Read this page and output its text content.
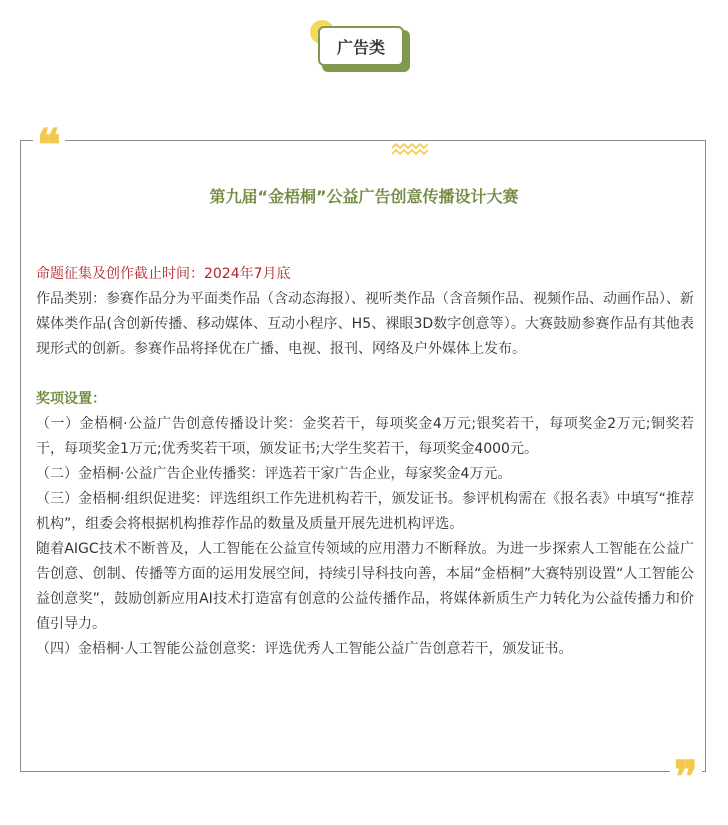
广告类
❝
❞
第九届“金梧桐”公益广告创意传播设计大赛

命题征集及创作截止时间：2024年7月底

作品类别：参赛作品分为平面类作品（含动态海报）、视听类作品（含音频作品、视频作品、动画作品）、新媒体类作品(含创新传播、移动媒体、互动小程序、H5、裸眼3D数字创意等）。大赛鼓励参赛作品有其他表现形式的创新。参赛作品将择优在广播、电视、报刊、网络及户外媒体上发布。

奖项设置：

（一）金梧桐·公益广告创意传播设计奖：金奖若干，每项奖金4万元;银奖若干，每项奖金2万元;铜奖若干，每项奖金1万元;优秀奖若干项，颁发证书;大学生奖若干，每项奖金4000元。

（二）金梧桐·公益广告企业传播奖：评选若干家广告企业，每家奖金4万元。

（三）金梧桐·组织促进奖：评选组织工作先进机构若干，颁发证书。参评机构需在《报名表》中填写“推荐机构”，组委会将根据机构推荐作品的数量及质量开展先进机构评选。

随着AIGC技术不断普及，人工智能在公益宣传领域的应用潜力不断释放。为进一步探索人工智能在公益广告创意、创制、传播等方面的运用发展空间，持续引导科技向善，本届“金梧桐”大赛特别设置“人工智能公益创意奖”，鼓励创新应用AI技术打造富有创意的公益传播作品，将媒体新质生产力转化为公益传播力和价值引导力。

（四）金梧桐·人工智能公益创意奖：评选优秀人工智能公益广告创意若干，颁发证书。
